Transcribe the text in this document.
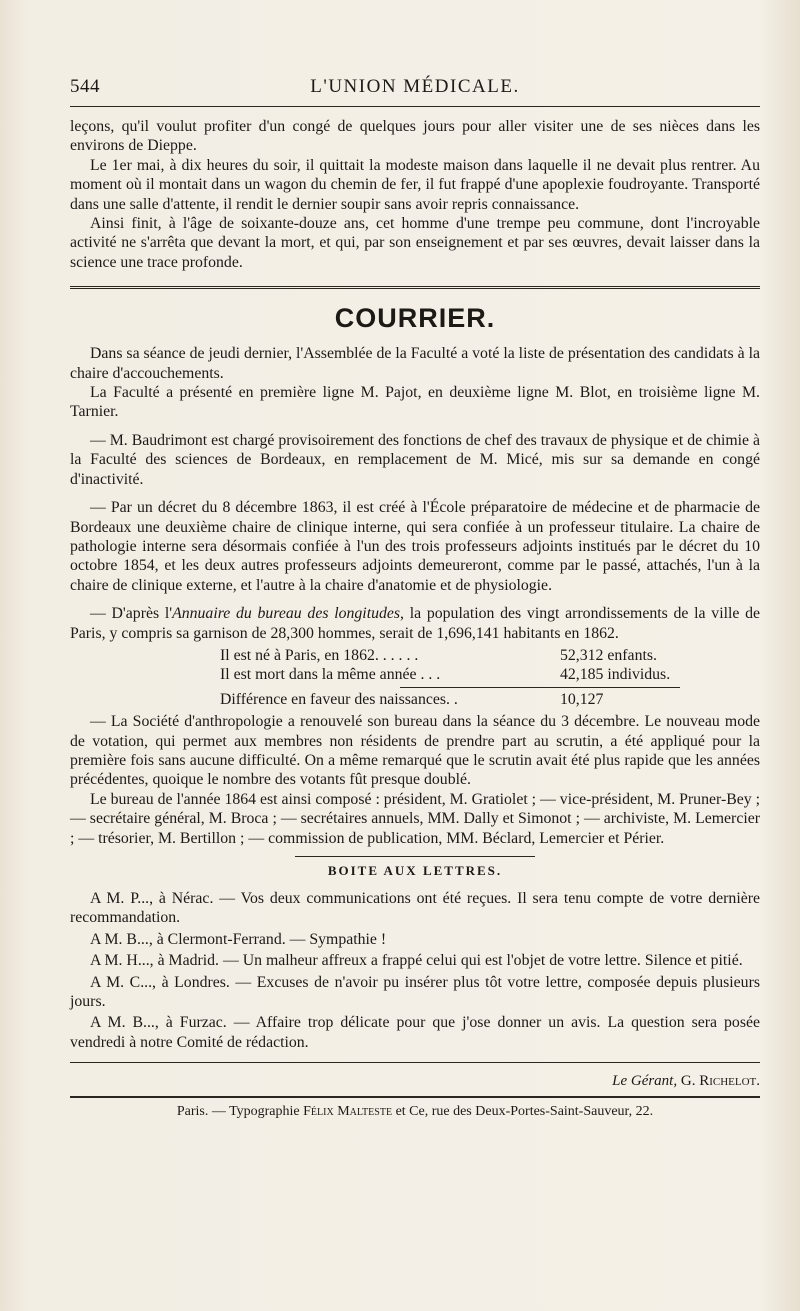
544	L'UNION MÉDICALE.

leçons, qu'il voulut profiter d'un congé de quelques jours pour aller visiter une de ses nièces dans les environs de Dieppe.

Le 1er mai, à dix heures du soir, il quittait la modeste maison dans laquelle il ne devait plus rentrer. Au moment où il montait dans un wagon du chemin de fer, il fut frappé d'une apoplexie foudroyante. Transporté dans une salle d'attente, il rendit le dernier soupir sans avoir repris connaissance.

Ainsi finit, à l'âge de soixante-douze ans, cet homme d'une trempe peu commune, dont l'incroyable activité ne s'arrêta que devant la mort, et qui, par son enseignement et par ses œuvres, devait laisser dans la science une trace profonde.

COURRIER.

Dans sa séance de jeudi dernier, l'Assemblée de la Faculté a voté la liste de présentation des candidats à la chaire d'accouchements.

La Faculté a présenté en première ligne M. Pajot, en deuxième ligne M. Blot, en troisième ligne M. Tarnier.

— M. Baudrimont est chargé provisoirement des fonctions de chef des travaux de physique et de chimie à la Faculté des sciences de Bordeaux, en remplacement de M. Micé, mis sur sa demande en congé d'inactivité.

— Par un décret du 8 décembre 1863, il est créé à l'École préparatoire de médecine et de pharmacie de Bordeaux une deuxième chaire de clinique interne, qui sera confiée à un professeur titulaire. La chaire de pathologie interne sera désormais confiée à l'un des trois professeurs adjoints institués par le décret du 10 octobre 1854, et les deux autres professeurs adjoints demeureront, comme par le passé, attachés, l'un à la chaire de clinique externe, et l'autre à la chaire d'anatomie et de physiologie.

— D'après l'Annuaire du bureau des longitudes, la population des vingt arrondissements de la ville de Paris, y compris sa garnison de 28,300 hommes, serait de 1,696,141 habitants en 1862.

Il est né à Paris, en 1862. . . . . .	52,312 enfants.
Il est mort dans la même année . . .	42,185 individus.
Différence en faveur des naissances. .	10,127

— La Société d'anthropologie a renouvelé son bureau dans la séance du 3 décembre. Le nouveau mode de votation, qui permet aux membres non résidents de prendre part au scrutin, a été appliqué pour la première fois sans aucune difficulté. On a même remarqué que le scrutin avait été plus rapide que les années précédentes, quoique le nombre des votants fût presque doublé.

Le bureau de l'année 1864 est ainsi composé : président, M. Gratiolet ; — vice-président, M. Pruner-Bey ; — secrétaire général, M. Broca ; — secrétaires annuels, MM. Dally et Simonot ; — archiviste, M. Lemercier ; — trésorier, M. Bertillon ; — commission de publication, MM. Béclard, Lemercier et Périer.

BOITE AUX LETTRES.

A M. P..., à Nérac. — Vos deux communications ont été reçues. Il sera tenu compte de votre dernière recommandation.

A M. B..., à Clermont-Ferrand. — Sympathie !

A M. H..., à Madrid. — Un malheur affreux a frappé celui qui est l'objet de votre lettre. Silence et pitié.

A M. C..., à Londres. — Excuses de n'avoir pu insérer plus tôt votre lettre, composée depuis plusieurs jours.

A M. B..., à Furzac. — Affaire trop délicate pour que j'ose donner un avis. La question sera posée vendredi à notre Comité de rédaction.

Le Gérant, G. Richelot.
Paris. — Typographie Félix Malteste et Ce, rue des Deux-Portes-Saint-Sauveur, 22.
